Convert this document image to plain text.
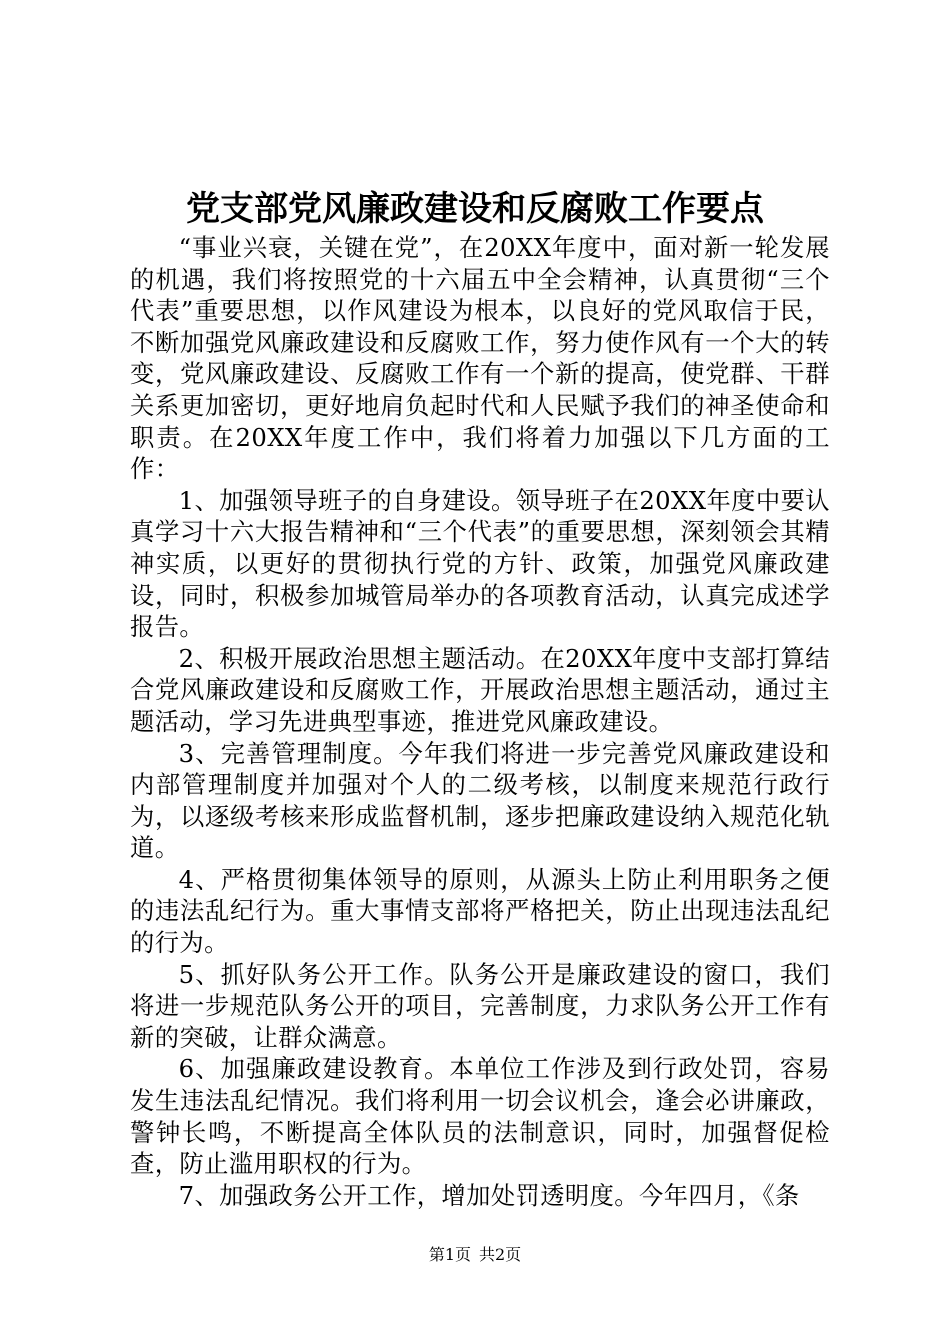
党支部党风廉政建设和反腐败工作要点

“事业兴衰，关键在党”，在20XX年度中，面对新一轮发展的机遇，我们将按照党的十六届五中全会精神，认真贯彻“三个代表”重要思想，以作风建设为根本，以良好的党风取信于民，不断加强党风廉政建设和反腐败工作，努力使作风有一个大的转变，党风廉政建设、反腐败工作有一个新的提高，使党群、干群关系更加密切，更好地肩负起时代和人民赋予我们的神圣使命和职责。在20XX年度工作中，我们将着力加强以下几方面的工作：

1、加强领导班子的自身建设。领导班子在20XX年度中要认真学习十六大报告精神和“三个代表”的重要思想，深刻领会其精神实质，以更好的贯彻执行党的方针、政策，加强党风廉政建设，同时，积极参加城管局举办的各项教育活动，认真完成述学报告。

2、积极开展政治思想主题活动。在20XX年度中支部打算结合党风廉政建设和反腐败工作，开展政治思想主题活动，通过主题活动，学习先进典型事迹，推进党风廉政建设。

3、完善管理制度。今年我们将进一步完善党风廉政建设和内部管理制度并加强对个人的二级考核，以制度来规范行政行为，以逐级考核来形成监督机制，逐步把廉政建设纳入规范化轨道。

4、严格贯彻集体领导的原则，从源头上防止利用职务之便的违法乱纪行为。重大事情支部将严格把关，防止出现违法乱纪的行为。

5、抓好队务公开工作。队务公开是廉政建设的窗口，我们将进一步规范队务公开的项目，完善制度，力求队务公开工作有新的突破，让群众满意。

6、加强廉政建设教育。本单位工作涉及到行政处罚，容易发生违法乱纪情况。我们将利用一切会议机会，逢会必讲廉政，警钟长鸣，不断提高全体队员的法制意识，同时，加强督促检查，防止滥用职权的行为。

7、加强政务公开工作，增加处罚透明度。今年四月，《条

第1页 共2页
